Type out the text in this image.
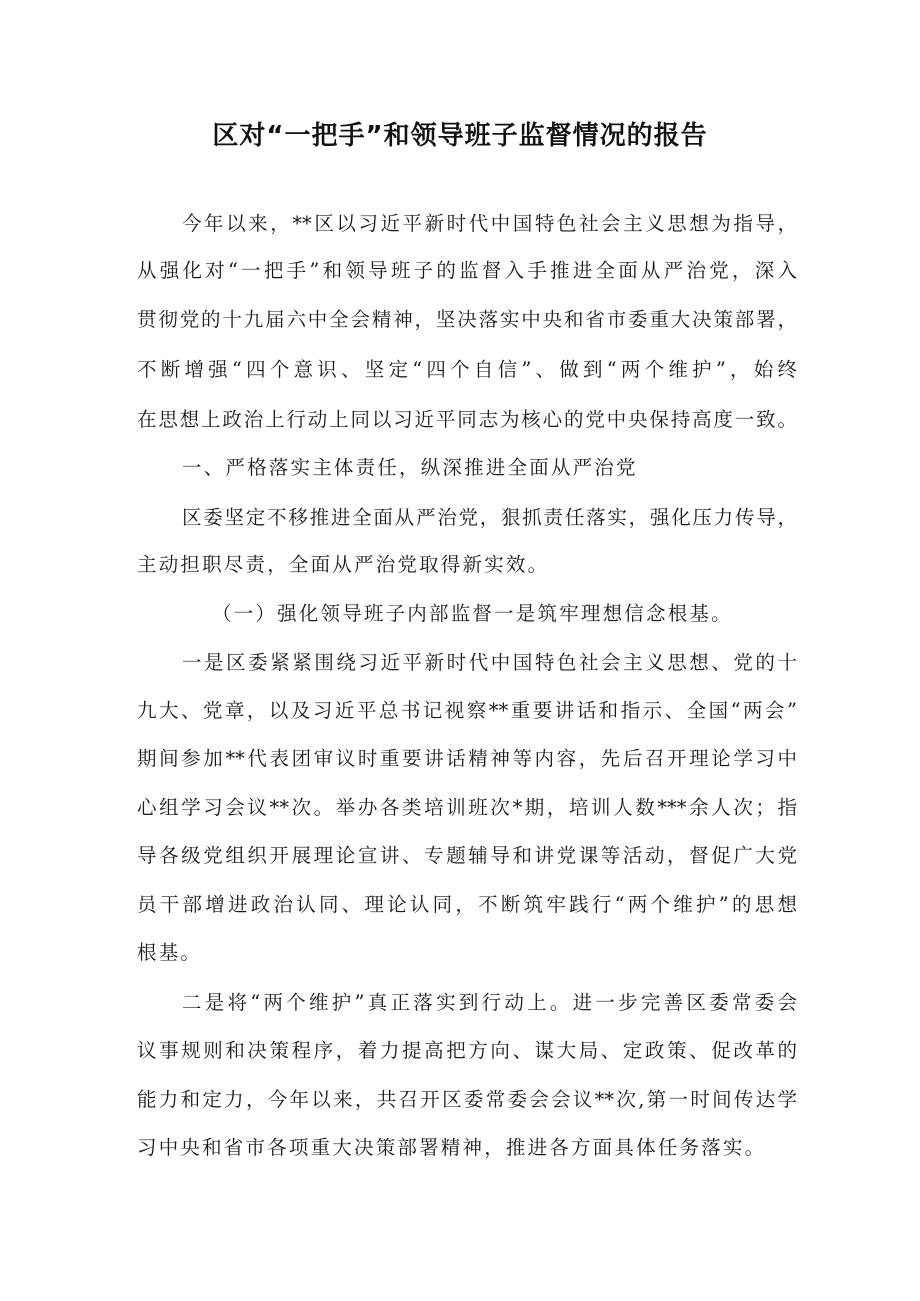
区对“一把手”和领导班子监督情况的报告
今年以来，**区以习近平新时代中国特色社会主义思想为指导，
从强化对“一把手”和领导班子的监督入手推进全面从严治党，深入
贯彻党的十九届六中全会精神，坚决落实中央和省市委重大决策部署，
不断增强“四个意识、坚定“四个自信”、做到“两个维护”，始终
在思想上政治上行动上同以习近平同志为核心的党中央保持高度一致。
一、严格落实主体责任，纵深推进全面从严治党
区委坚定不移推进全面从严治党，狠抓责任落实，强化压力传导，
主动担职尽责，全面从严治党取得新实效。
（一）强化领导班子内部监督一是筑牢理想信念根基。
一是区委紧紧围绕习近平新时代中国特色社会主义思想、党的十
九大、党章，以及习近平总书记视察**重要讲话和指示、全国“两会”
期间参加**代表团审议时重要讲话精神等内容，先后召开理论学习中
心组学习会议**次。举办各类培训班次*期，培训人数***余人次；指
导各级党组织开展理论宣讲、专题辅导和讲党课等活动，督促广大党
员干部增进政治认同、理论认同，不断筑牢践行“两个维护”的思想
根基。
二是将“两个维护”真正落实到行动上。进一步完善区委常委会
议事规则和决策程序，着力提高把方向、谋大局、定政策、促改革的
能力和定力，今年以来，共召开区委常委会会议**次,第一时间传达学
习中央和省市各项重大决策部署精神，推进各方面具体任务落实。
